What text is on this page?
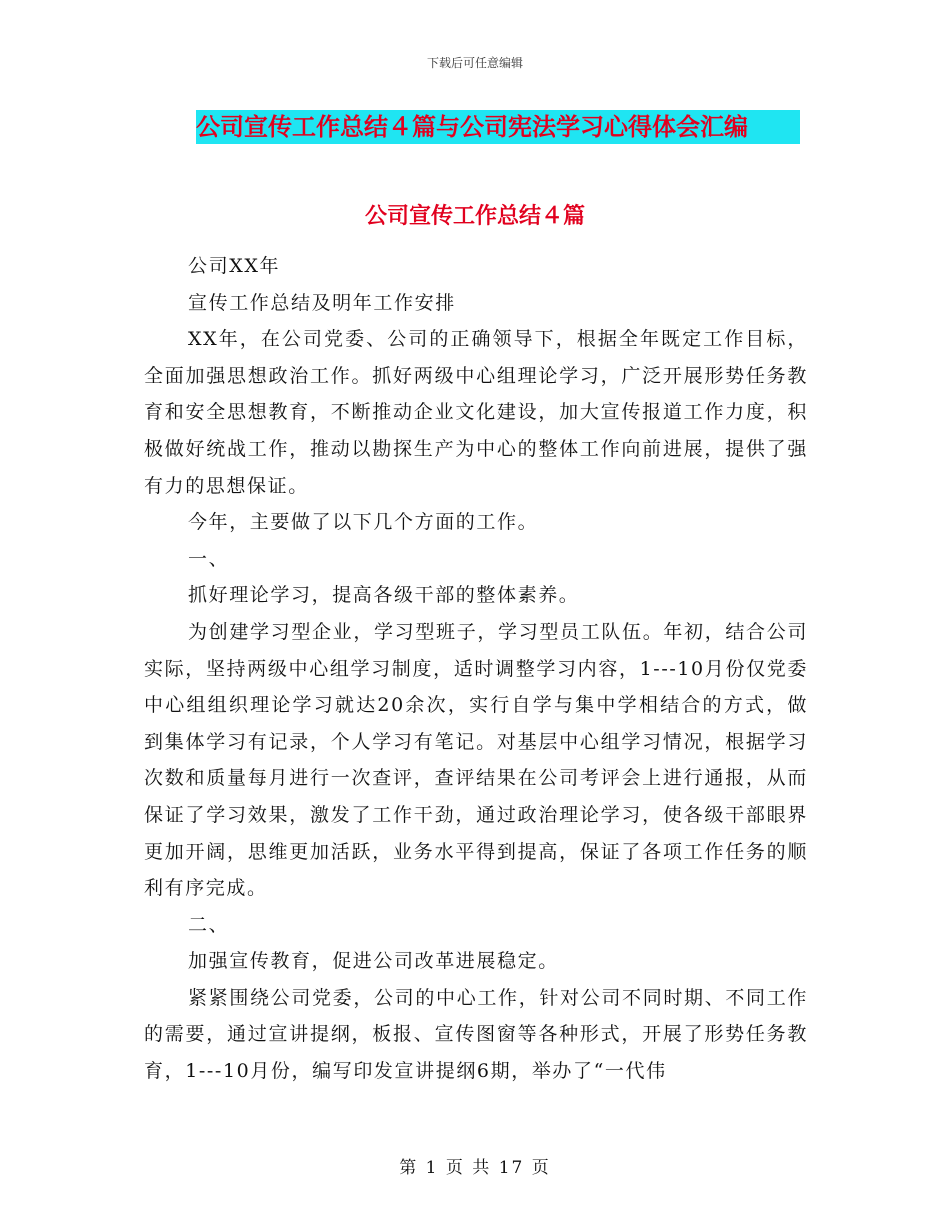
下载后可任意编辑
公司宣传工作总结４篇与公司宪法学习心得体会汇编
公司宣传工作总结４篇

公司XX年

宣传工作总结及明年工作安排

XX年，在公司党委、公司的正确领导下，根据全年既定工作目标，全面加强思想政治工作。抓好两级中心组理论学习，广泛开展形势任务教育和安全思想教育，不断推动企业文化建设，加大宣传报道工作力度，积极做好统战工作，推动以勘探生产为中心的整体工作向前进展，提供了强有力的思想保证。

今年，主要做了以下几个方面的工作。

一、

抓好理论学习，提高各级干部的整体素养。

为创建学习型企业，学习型班子，学习型员工队伍。年初，结合公司实际，坚持两级中心组学习制度，适时调整学习内容，1---10月份仅党委中心组组织理论学习就达20余次，实行自学与集中学相结合的方式，做到集体学习有记录，个人学习有笔记。对基层中心组学习情况，根据学习次数和质量每月进行一次查评，查评结果在公司考评会上进行通报，从而保证了学习效果，激发了工作干劲，通过政治理论学习，使各级干部眼界更加开阔，思维更加活跃，业务水平得到提高，保证了各项工作任务的顺利有序完成。

二、

加强宣传教育，促进公司改革进展稳定。

紧紧围绕公司党委，公司的中心工作，针对公司不同时期、不同工作的需要，通过宣讲提纲，板报、宣传图窗等各种形式，开展了形势任务教育，1---10月份，编写印发宣讲提纲6期，举办了“一代伟

第 1 页 共 17 页
